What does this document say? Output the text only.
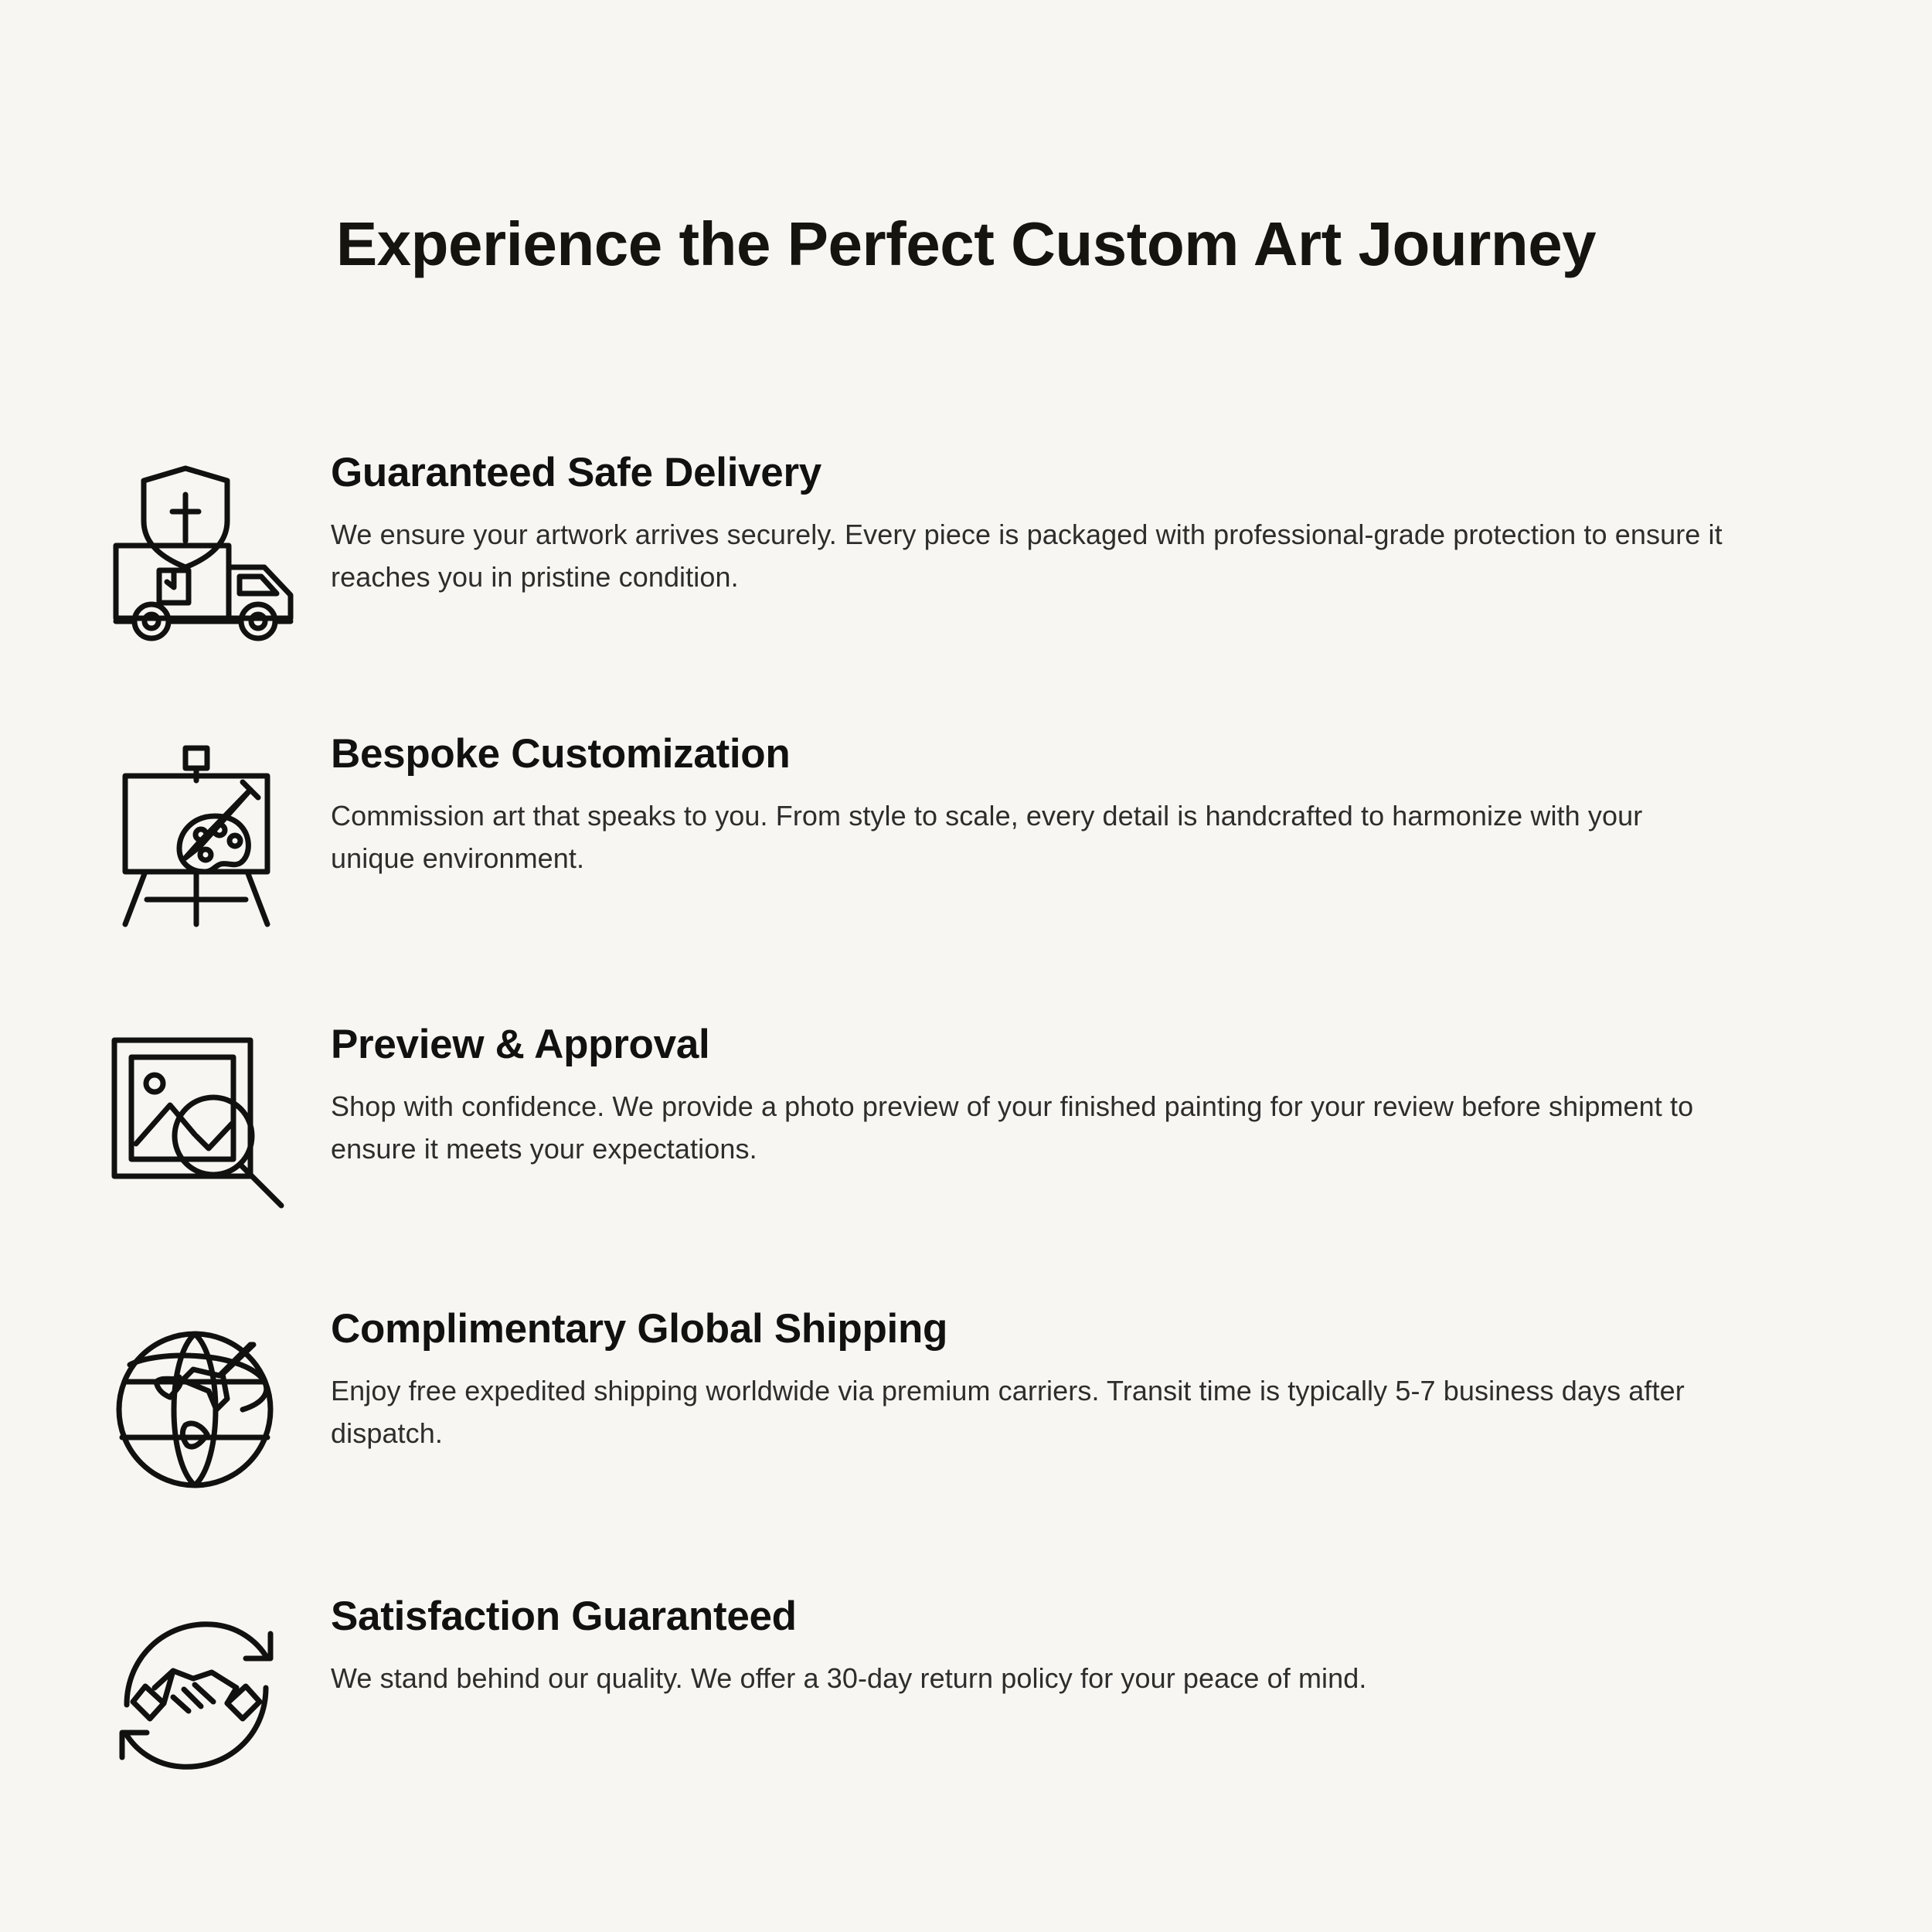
Experience the Perfect Custom Art Journey
Guaranteed Safe Delivery

We ensure your artwork arrives securely. Every piece is packaged with professional-grade protection to ensure it reaches you in pristine condition.

Bespoke Customization

Commission art that speaks to you. From style to scale, every detail is handcrafted to harmonize with your unique environment.

Preview & Approval

Shop with confidence. We provide a photo preview of your finished painting for your review before shipment to ensure it meets your expectations.

Complimentary Global Shipping

Enjoy free expedited shipping worldwide via premium carriers. Transit time is typically 5-7 business days after dispatch.

Satisfaction Guaranteed

We stand behind our quality. We offer a 30-day return policy for your peace of mind.
